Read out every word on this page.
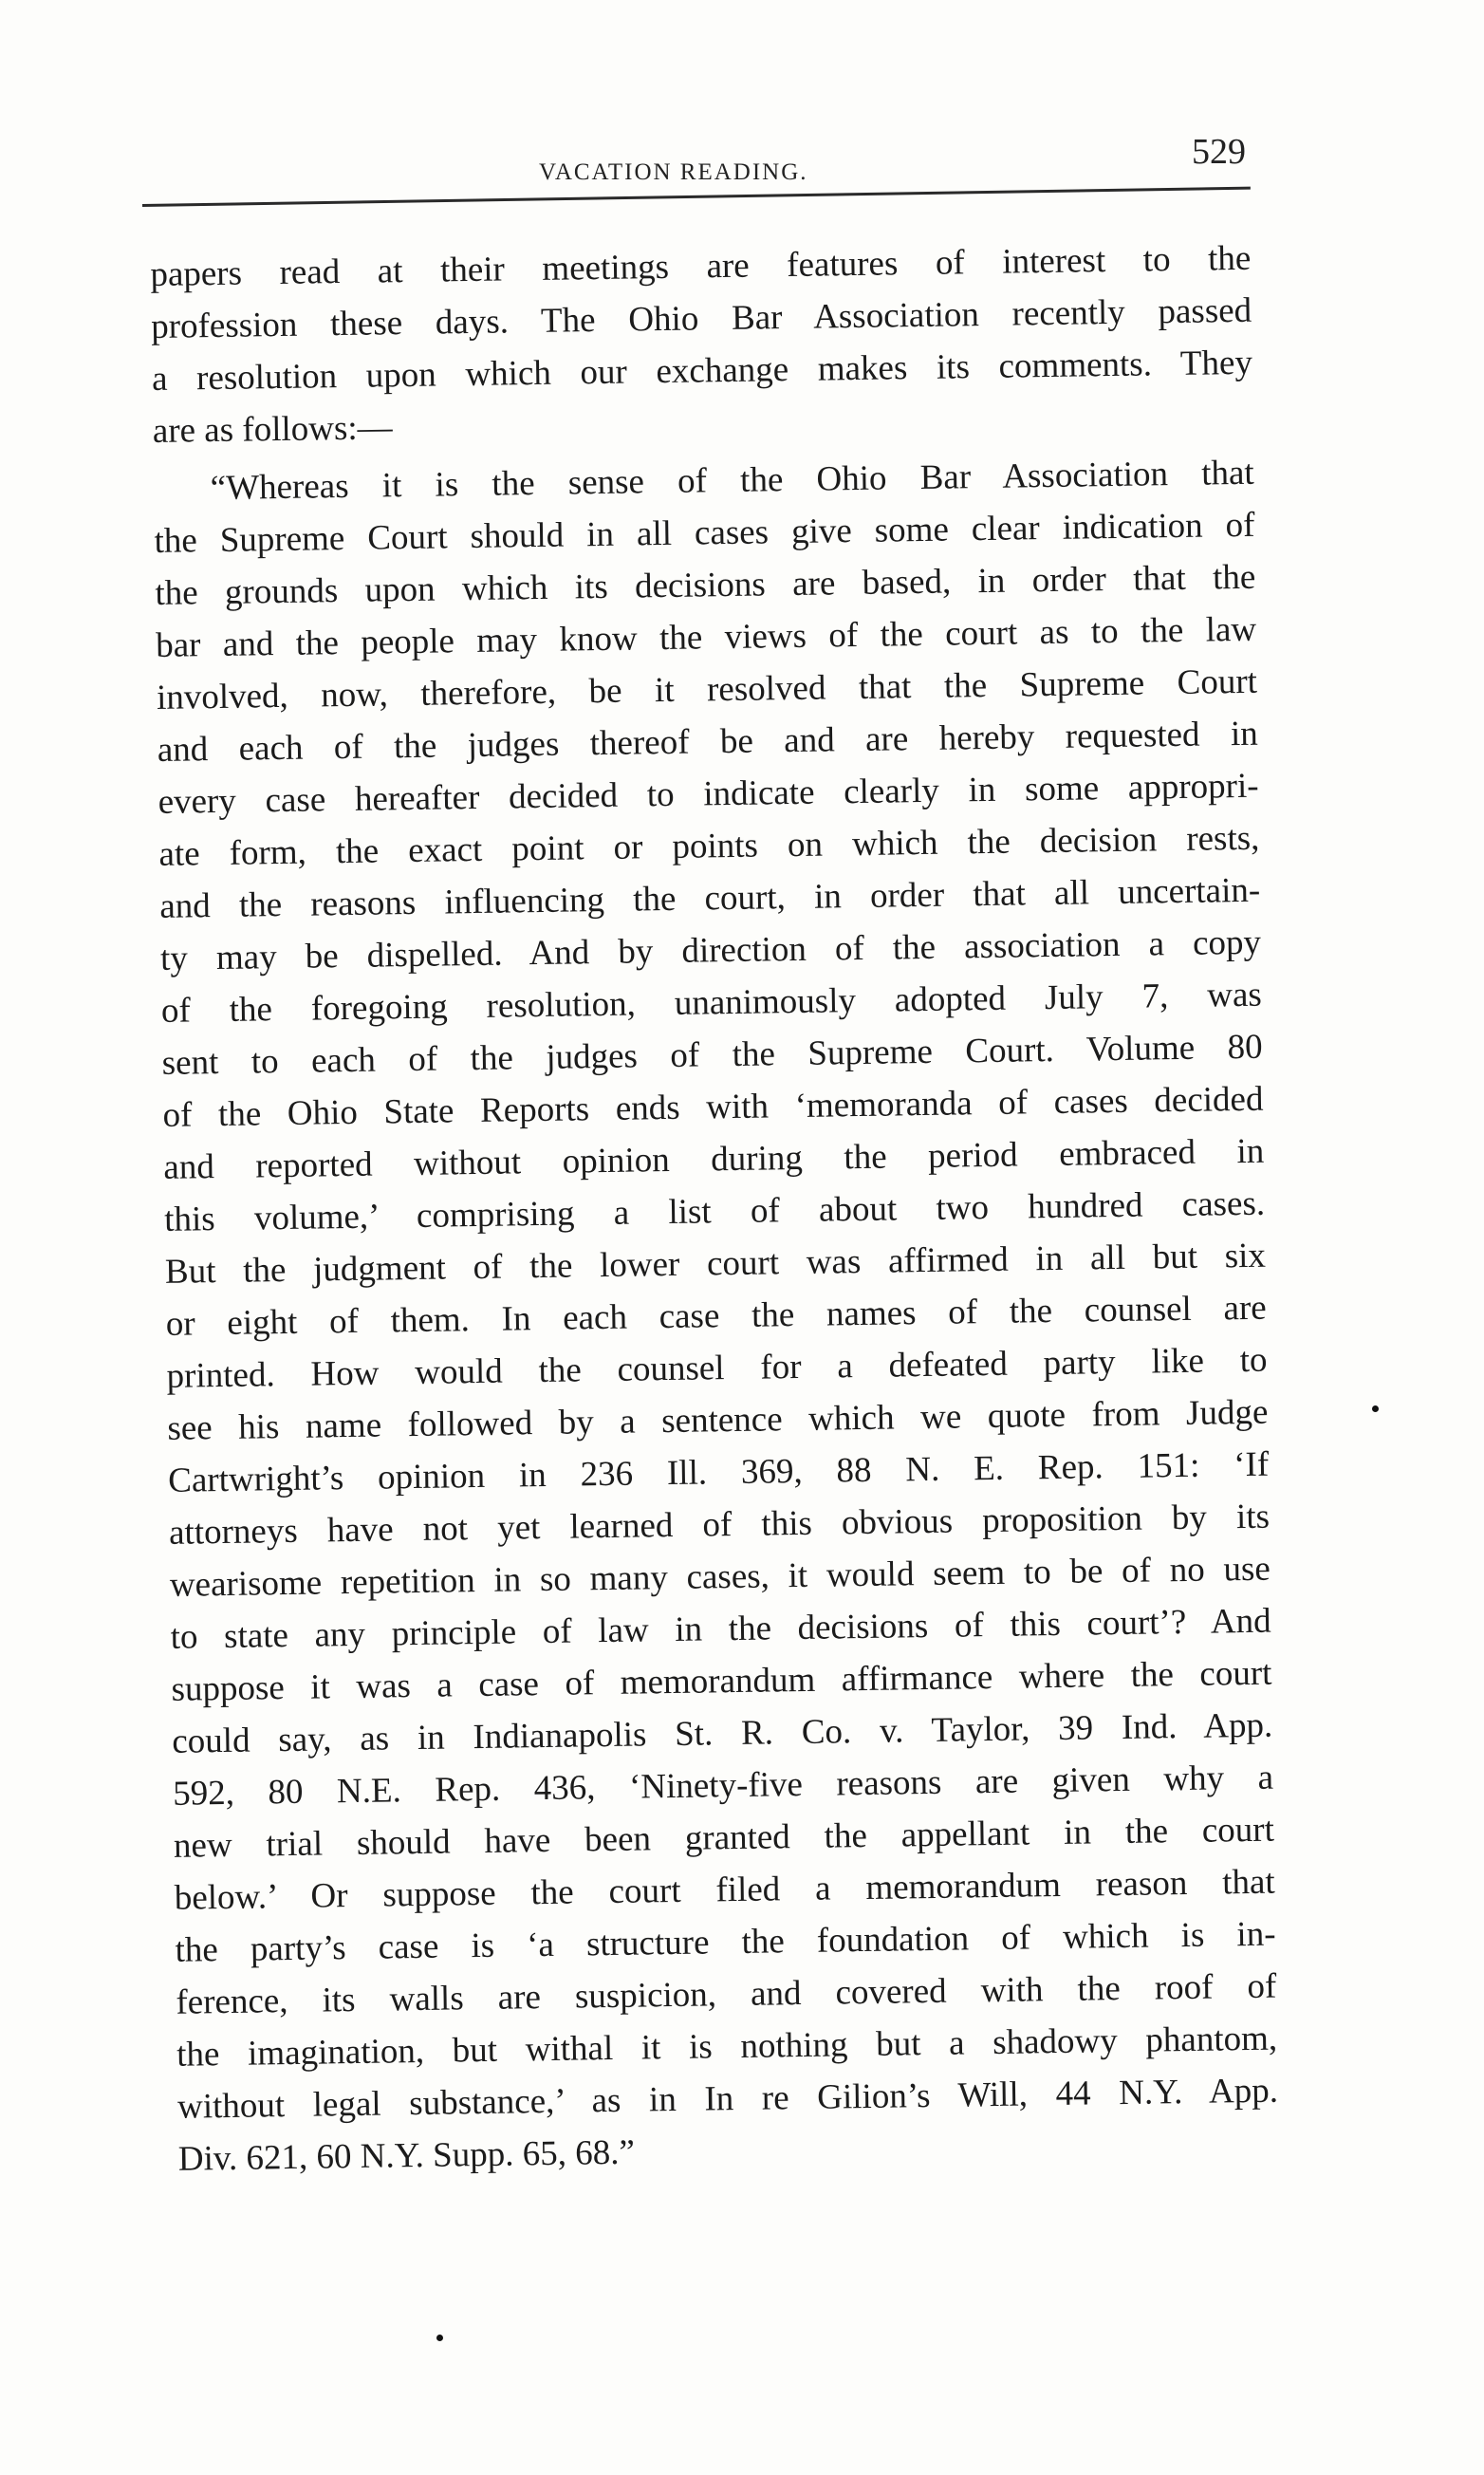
VACATION READING.
529
papers read at their meetings are features of interest to the
profession these days. The Ohio Bar Association recently passed
a resolution upon which our exchange makes its comments. They
are as follows:—
“Whereas it is the sense of the Ohio Bar Association that
the Supreme Court should in all cases give some clear indication of
the grounds upon which its decisions are based, in order that the
bar and the people may know the views of the court as to the law
involved, now, therefore, be it resolved that the Supreme Court
and each of the judges thereof be and are hereby requested in
every case hereafter decided to indicate clearly in some appropri-
ate form, the exact point or points on which the decision rests,
and the reasons influencing the court, in order that all uncertain-
ty may be dispelled. And by direction of the association a copy
of the foregoing resolution, unanimously adopted July 7, was
sent to each of the judges of the Supreme Court. Volume 80
of the Ohio State Reports ends with ‘memoranda of cases decided
and reported without opinion during the period embraced in
this volume,’ comprising a list of about two hundred cases.
But the judgment of the lower court was affirmed in all but six
or eight of them. In each case the names of the counsel are
printed. How would the counsel for a defeated party like to
see his name followed by a sentence which we quote from Judge
Cartwright’s opinion in 236 Ill. 369, 88 N. E. Rep. 151: ‘If
attorneys have not yet learned of this obvious proposition by its
wearisome repetition in so many cases, it would seem to be of no use
to state any principle of law in the decisions of this court’? And
suppose it was a case of memorandum affirmance where the court
could say, as in Indianapolis St. R. Co. v. Taylor, 39 Ind. App.
592, 80 N.E. Rep. 436, ‘Ninety-five reasons are given why a
new trial should have been granted the appellant in the court
below.’ Or suppose the court filed a memorandum reason that
the party’s case is ‘a structure the foundation of which is in-
ference, its walls are suspicion, and covered with the roof of
the imagination, but withal it is nothing but a shadowy phantom,
without legal substance,’ as in In re Gilion’s Will, 44 N.Y. App.
Div. 621, 60 N.Y. Supp. 65, 68.”
